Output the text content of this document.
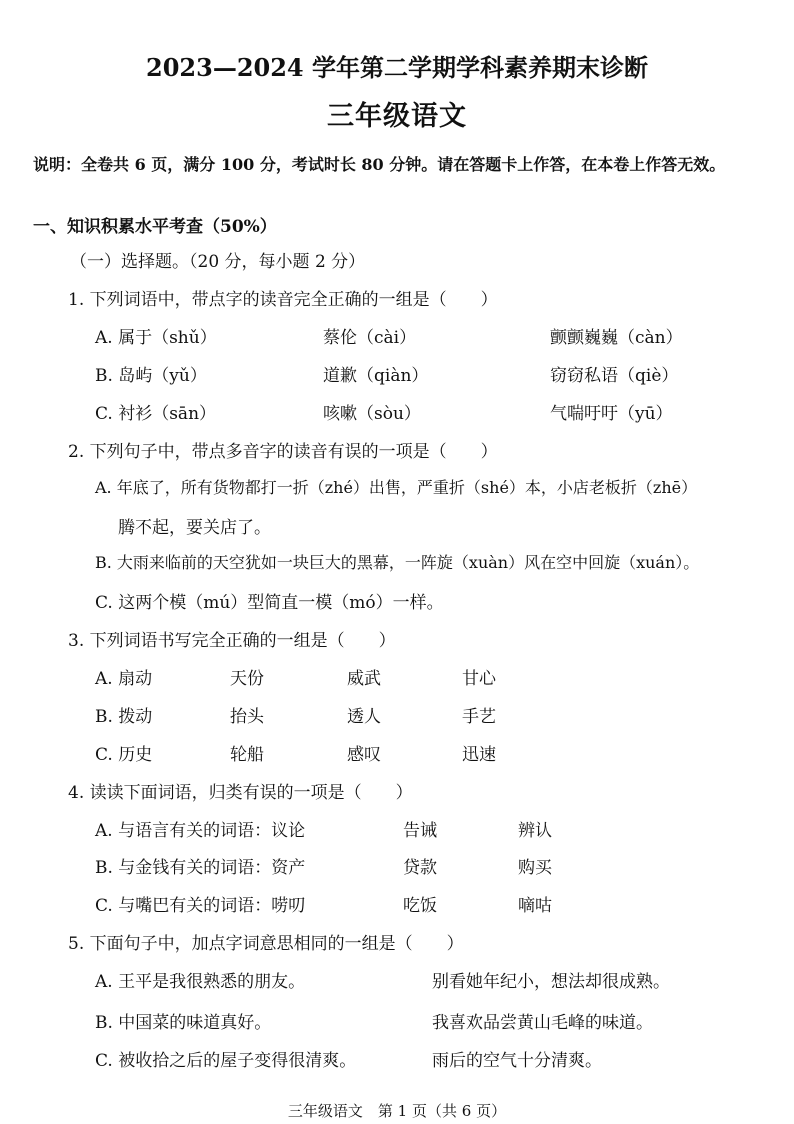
2023—2024 学年第二学期学科素养期末诊断
三年级语文
说明：全卷共 6 页，满分 100 分，考试时长 80 分钟。请在答题卡上作答，在本卷上作答无效。
一、知识积累水平考查（50%）
（一）选择题。（20 分，每小题 2 分）
1. 下列词语中，带点字的读音完全正确的一组是（　　）
A. 属于（shǔ）	蔡伦（cài）	颤颤巍巍（càn）
B. 岛屿（yǔ）	道歉（qiàn）	窃窃私语（qiè）
C. 衬衫（sān）	咳嗽（sòu）	气喘吁吁（yū）
2. 下列句子中，带点多音字的读音有误的一项是（　　）
A. 年底了，所有货物都打一折（zhé）出售，严重折（shé）本，小店老板折（zhē）
腾不起，要关店了。
B. 大雨来临前的天空犹如一块巨大的黑幕，一阵旋（xuàn）风在空中回旋（xuán）。
C. 这两个模（mú）型简直一模（mó）一样。
3. 下列词语书写完全正确的一组是（　　）
A. 扇动	天份	威武	甘心
B. 拨动	抬头	透人	手艺
C. 历史	轮船	感叹	迅速
4. 读读下面词语，归类有误的一项是（　　）
A. 与语言有关的词语：议论	告诫	辨认
B. 与金钱有关的词语：资产	贷款	购买
C. 与嘴巴有关的词语：唠叨	吃饭	嘀咕
5. 下面句子中，加点字词意思相同的一组是（　　）
A. 王平是我很熟悉的朋友。	别看她年纪小，想法却很成熟。
B. 中国菜的味道真好。	我喜欢品尝黄山毛峰的味道。
C. 被收拾之后的屋子变得很清爽。	雨后的空气十分清爽。
三年级语文　第 1 页（共 6 页）
